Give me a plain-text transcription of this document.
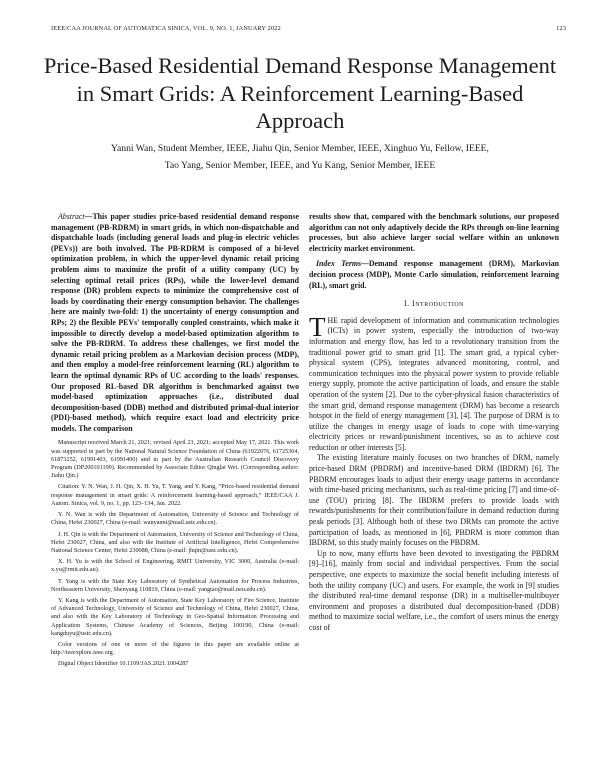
IEEE/CAA JOURNAL OF AUTOMATICA SINICA, VOL. 9, NO. 1, JANUARY 2022	123
Price-Based Residential Demand Response Management in Smart Grids: A Reinforcement Learning-Based Approach
Yanni Wan, Student Member, IEEE, Jiahu Qin, Senior Member, IEEE, Xinghuo Yu, Fellow, IEEE,
Tao Yang, Senior Member, IEEE, and Yu Kang, Senior Member, IEEE
Abstract—This paper studies price-based residential demand response management (PB-RDRM) in smart grids, in which non-dispatchable and dispatchable loads (including general loads and plug-in electric vehicles (PEVs)) are both involved. The PB-RDRM is composed of a bi-level optimization problem, in which the upper-level dynamic retail pricing problem aims to maximize the profit of a utility company (UC) by selecting optimal retail prices (RPs), while the lower-level demand response (DR) problem expects to minimize the comprehensive cost of loads by coordinating their energy consumption behavior. The challenges here are mainly two-fold: 1) the uncertainty of energy consumption and RPs; 2) the flexible PEVs' temporally coupled constraints, which make it impossible to directly develop a model-based optimization algorithm to solve the PB-RDRM. To address these challenges, we first model the dynamic retail pricing problem as a Markovian decision process (MDP), and then employ a model-free reinforcement learning (RL) algorithm to learn the optimal dynamic RPs of UC according to the loads' responses. Our proposed RL-based DR algorithm is benchmarked against two model-based optimization approaches (i.e., distributed dual decomposition-based (DDB) method and distributed primal-dual interior (PDI)-based method), which require exact load and electricity price models. The comparison
Manuscript received March 21, 2021; revised April 23, 2021; accepted May 17, 2021. This work was supported in part by the National Natural Science Foundation of China (61922076, 61725304, 61873252, 61991403, 61991400) and in part by the Australian Research Council Discovery Program (DP200101199). Recommended by Associate Editor Qinglai Wei. (Corresponding author: Jiahu Qin.)
Citation: Y. N. Wan, J. H. Qin, X. H. Yu, T. Yang, and Y. Kang, “Price-based residential demand response management in smart grids: A reinforcement learning-based approach,” IEEE/CAA J. Autom. Sinica, vol. 9, no. 1, pp. 123–134, Jan. 2022.
Y. N. Wan is with the Department of Automation, University of Science and Technology of China, Hefei 230027, China (e-mail: wanyanni@mail.ustc.edu.cn).
J. H. Qin is with the Department of Automation, University of Science and Technology of China, Hefei 230027, China, and also with the Institute of Artificial Intelligence, Hefei Comprehensive National Science Center, Hefei 230088, China (e-mail: jhqin@ustc.edu.cn).
X. H. Yu is with the School of Engineering, RMIT University, VIC 3000, Australia (e-mail: x.yu@rmit.edu.au).
T. Yang is with the State Key Laboratory of Synthetical Automation for Process Industries, Northeastern University, Shenyang 110819, China (e-mail: yangtao@mail.neu.edu.cn).
Y. Kang is with the Department of Automation, State Key Laboratory of Fire Science, Institute of Advanced Technology, University of Science and Technology of China, Hefei 230027, China, and also with the Key Laboratory of Technology in Geo-Spatial Information Processing and Application Systems, Chinese Academy of Sciences, Beijing 100190, China (e-mail: kangduyu@ustc.edu.cn).
Color versions of one or more of the figures in this paper are available online at http://ieeexplore.ieee.org.
Digital Object Identifier 10.1109/JAS.2021.1004287
results show that, compared with the benchmark solutions, our proposed algorithm can not only adaptively decide the RPs through on-line learning processes, but also achieve larger social welfare within an unknown electricity market environment.
Index Terms—Demand response management (DRM), Markovian decision process (MDP), Monte Carlo simulation, reinforcement learning (RL), smart grid.
I. Introduction

THE rapid development of information and communication technologies (ICTs) in power system, especially the introduction of two-way information and energy flow, has led to a revolutionary transition from the traditional power grid to smart grid [1]. The smart grid, a typical cyber-physical system (CPS), integrates advanced monitoring, control, and communication techniques into the physical power system to provide reliable energy supply, promote the active participation of loads, and ensure the stable operation of the system [2]. Due to the cyber-physical fusion characteristics of the smart grid, demand response management (DRM) has become a research hotspot in the field of energy management [3], [4]. The purpose of DRM is to utilize the changes in energy usage of loads to cope with time-varying electricity prices or reward/punishment incentives, so as to achieve cost reduction or other interests [5].

The existing literature mainly focuses on two branches of DRM, namely price-based DRM (PBDRM) and incentive-based DRM (IBDRM) [6]. The PBDRM encourages loads to adjust their energy usage patterns in accordance with time-based pricing mechanisms, such as real-time pricing [7] and time-of-use (TOU) pricing [8]. The IBDRM prefers to provide loads with rewards/punishments for their contribution/failure in demand reduction during peak periods [3]. Although both of these two DRMs can promote the active participation of loads, as mentioned in [6], PBDRM is more common than IBDRM, so this study mainly focuses on the PBDRM.

Up to now, many efforts have been devoted to investigating the PBDRM [9]–[16], mainly from social and individual perspectives. From the social perspective, one expects to maximize the social benefit including interests of both the utility company (UC) and users. For example, the work in [9] studies the distributed real-time demand response (DR) in a multiseller-multibuyer environment and proposes a distributed dual decomposition-based (DDB) method to maximize social welfare, i.e., the comfort of users minus the energy cost of
